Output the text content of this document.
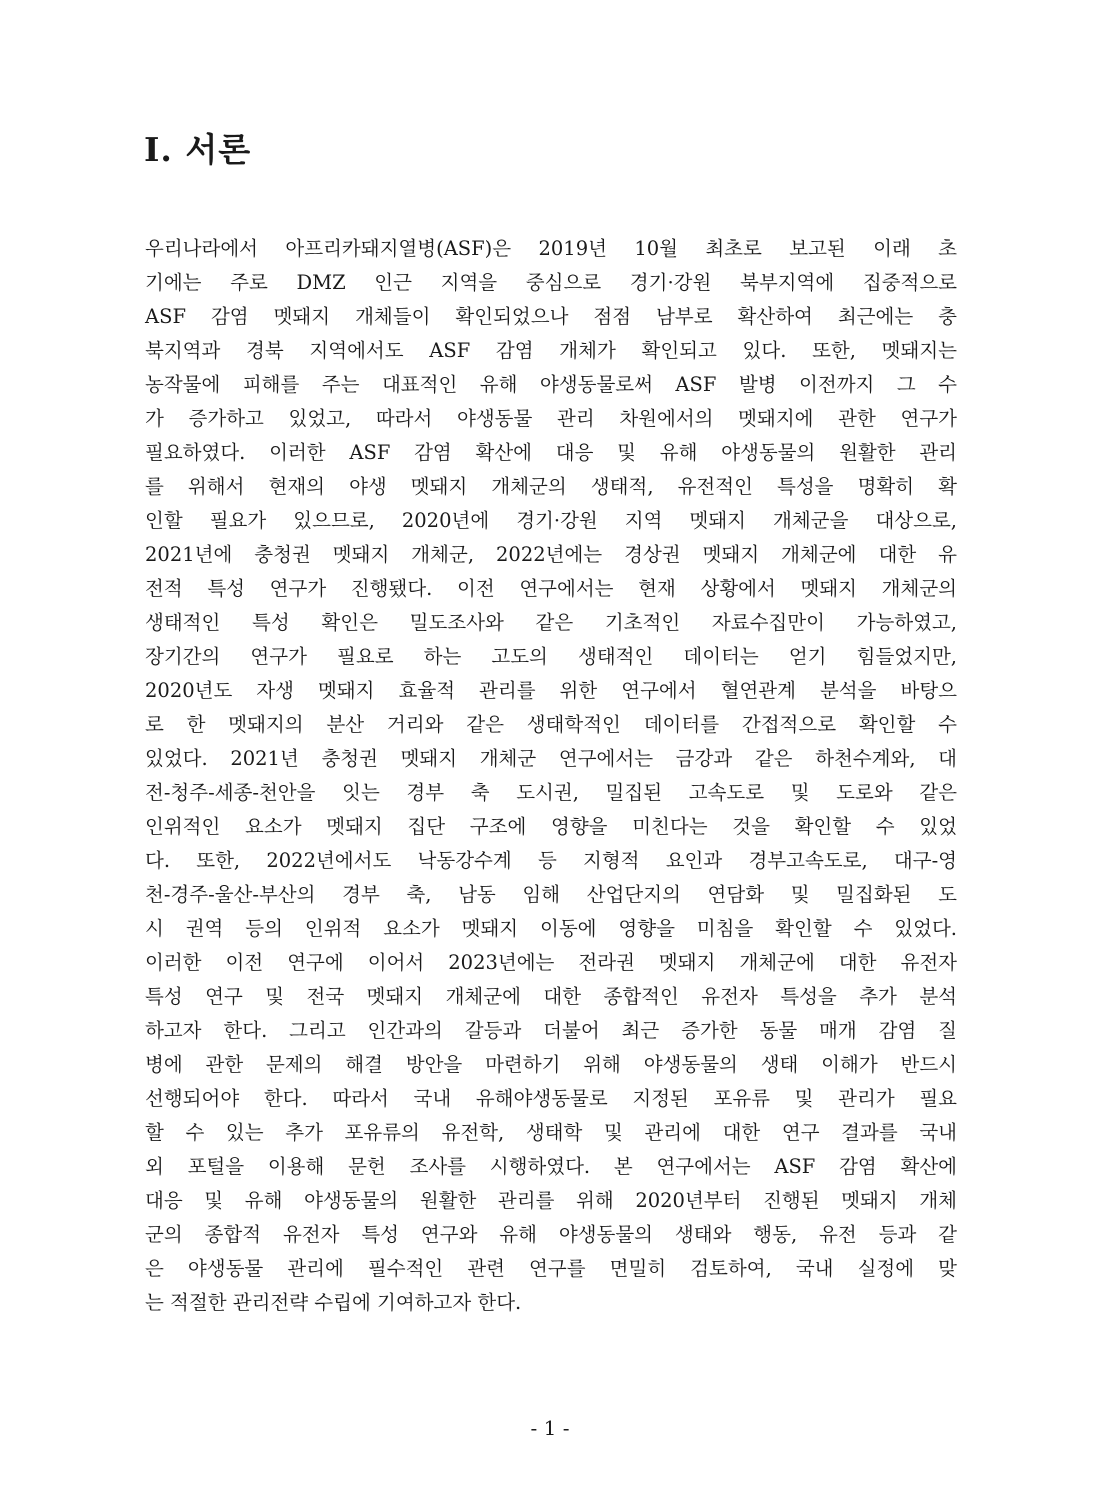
Ⅰ. 서론
우리나라에서 아프리카돼지열병(ASF)은 2019년 10월 최초로 보고된 이래 초
기에는 주로 DMZ 인근 지역을 중심으로 경기·강원 북부지역에 집중적으로
ASF 감염 멧돼지 개체들이 확인되었으나 점점 남부로 확산하여 최근에는 충
북지역과 경북 지역에서도 ASF 감염 개체가 확인되고 있다. 또한, 멧돼지는
농작물에 피해를 주는 대표적인 유해 야생동물로써 ASF 발병 이전까지 그 수
가 증가하고 있었고, 따라서 야생동물 관리 차원에서의 멧돼지에 관한 연구가
필요하였다. 이러한 ASF 감염 확산에 대응 및 유해 야생동물의 원활한 관리
를 위해서 현재의 야생 멧돼지 개체군의 생태적, 유전적인 특성을 명확히 확
인할 필요가 있으므로, 2020년에 경기·강원 지역 멧돼지 개체군을 대상으로,
2021년에 충청권 멧돼지 개체군, 2022년에는 경상권 멧돼지 개체군에 대한 유
전적 특성 연구가 진행됐다. 이전 연구에서는 현재 상황에서 멧돼지 개체군의
생태적인 특성 확인은 밀도조사와 같은 기초적인 자료수집만이 가능하였고,
장기간의 연구가 필요로 하는 고도의 생태적인 데이터는 얻기 힘들었지만,
2020년도 자생 멧돼지 효율적 관리를 위한 연구에서 혈연관계 분석을 바탕으
로 한 멧돼지의 분산 거리와 같은 생태학적인 데이터를 간접적으로 확인할 수
있었다. 2021년 충청권 멧돼지 개체군 연구에서는 금강과 같은 하천수계와, 대
전-청주-세종-천안을 잇는 경부 축 도시권, 밀집된 고속도로 및 도로와 같은
인위적인 요소가 멧돼지 집단 구조에 영향을 미친다는 것을 확인할 수 있었
다. 또한, 2022년에서도 낙동강수계 등 지형적 요인과 경부고속도로, 대구-영
천-경주-울산-부산의 경부 축, 남동 임해 산업단지의 연담화 및 밀집화된 도
시 권역 등의 인위적 요소가 멧돼지 이동에 영향을 미침을 확인할 수 있었다.
이러한 이전 연구에 이어서 2023년에는 전라권 멧돼지 개체군에 대한 유전자
특성 연구 및 전국 멧돼지 개체군에 대한 종합적인 유전자 특성을 추가 분석
하고자 한다. 그리고 인간과의 갈등과 더불어 최근 증가한 동물 매개 감염 질
병에 관한 문제의 해결 방안을 마련하기 위해 야생동물의 생태 이해가 반드시
선행되어야 한다. 따라서 국내 유해야생동물로 지정된 포유류 및 관리가 필요
할 수 있는 추가 포유류의 유전학, 생태학 및 관리에 대한 연구 결과를 국내
외 포털을 이용해 문헌 조사를 시행하였다. 본 연구에서는 ASF 감염 확산에
대응 및 유해 야생동물의 원활한 관리를 위해 2020년부터 진행된 멧돼지 개체
군의 종합적 유전자 특성 연구와 유해 야생동물의 생태와 행동, 유전 등과 같
은 야생동물 관리에 필수적인 관련 연구를 면밀히 검토하여, 국내 실정에 맞
는 적절한 관리전략 수립에 기여하고자 한다.
- 1 -
